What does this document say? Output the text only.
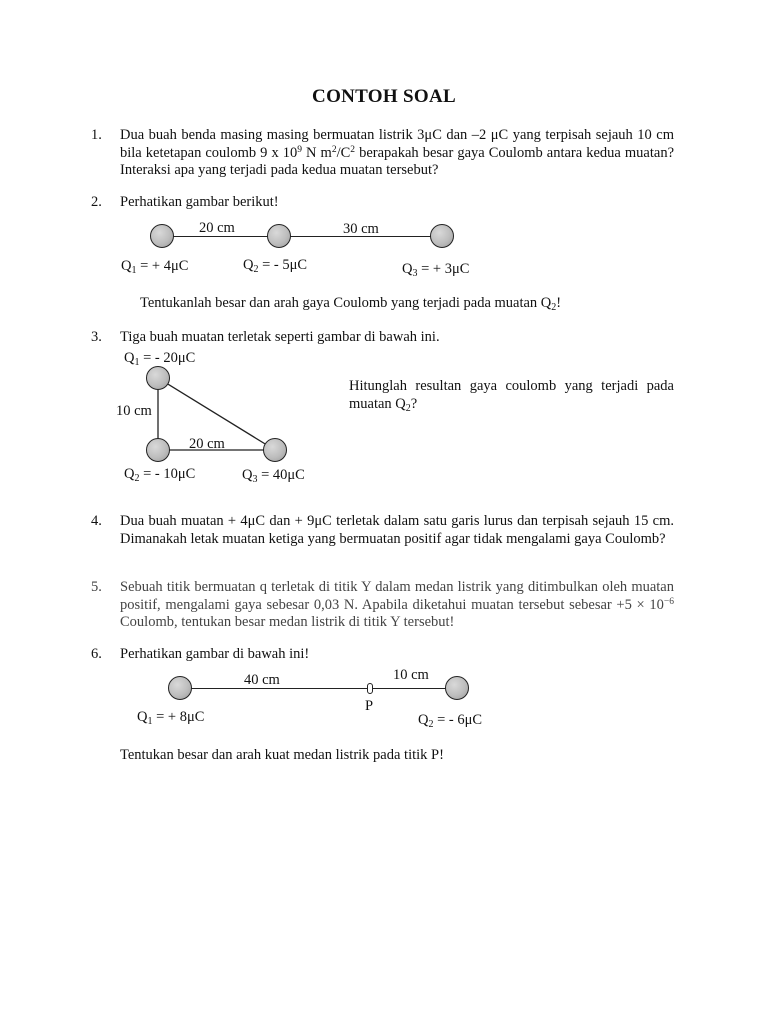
CONTOH SOAL
1. Dua buah benda masing masing bermuatan listrik 3μC dan –2 μC yang terpisah sejauh 10 cm bila ketetapan coulomb 9 x $10^9$ N $m^2/C^2$ berapakah besar gaya Coulomb antara kedua muatan? Interaksi apa yang terjadi pada kedua muatan tersebut?
2. Perhatikan gambar berikut!
20 cm	30 cm
$Q_1$ = + 4μC	$Q_2$ = - 5μC	$Q_3$ = + 3μC
Tentukanlah besar dan arah gaya Coulomb yang terjadi pada muatan $Q_2$!
3. Tiga buah muatan terletak seperti gambar di bawah ini.
$Q_1$ = - 20μC
10 cm
20 cm
$Q_2$ = - 10μC	$Q_3 = 40\mu C$
Hitunglah resultan gaya coulomb yang terjadi pada muatan $Q_2$?
4. Dua buah muatan + 4μC dan + 9μC terletak dalam satu garis lurus dan terpisah sejauh 15 cm. Dimanakah letak muatan ketiga yang bermuatan positif agar tidak mengalami gaya Coulomb?
5. Sebuah titik bermuatan q terletak di titik Y dalam medan listrik yang ditimbulkan oleh muatan positif, mengalami gaya sebesar 0,03 N. Apabila diketahui muatan tersebut sebesar $+5 \times 10^{-6}$ Coulomb, tentukan besar medan listrik di titik Y tersebut!
6. Perhatikan gambar di bawah ini!
40 cm	10 cm
P
$Q_1$ = + 8μC	$Q_2$ = - 6μC
Tentukan besar dan arah kuat medan listrik pada titik P!
